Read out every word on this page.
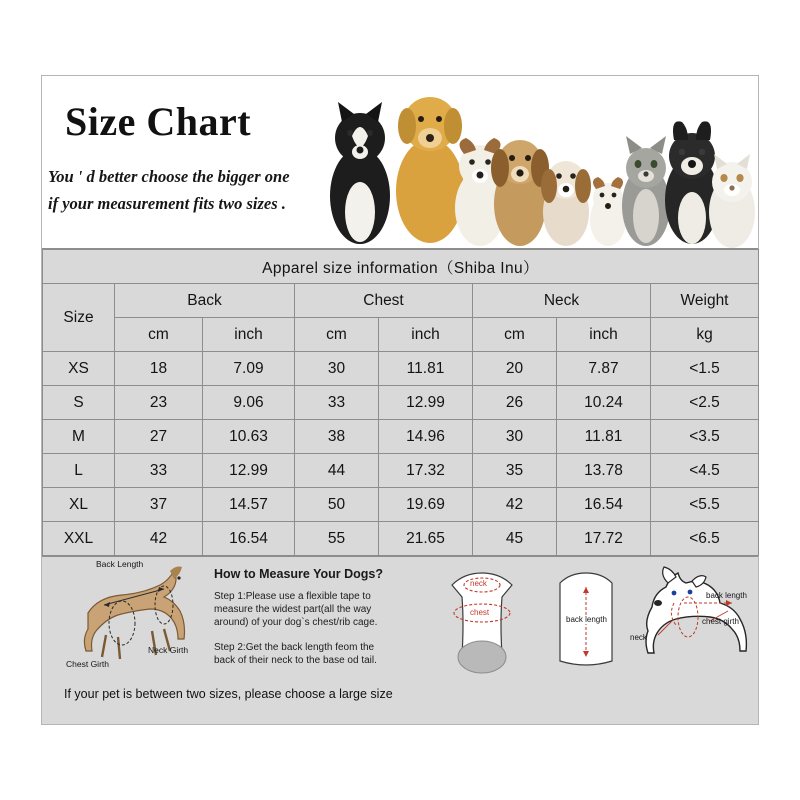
Size Chart
You ' d better choose the bigger one
if your measurement fits two sizes .
Apparel size information（Shiba Inu）							
Size	Back		Chest		Neck		Weight
	cm	inch	cm	inch	cm	inch	kg
XS	18	7.09	30	11.81	20	7.87	<1.5
S	23	9.06	33	12.99	26	10.24	<2.5
M	27	10.63	38	14.96	30	11.81	<3.5
L	33	12.99	44	17.32	35	13.78	<4.5
XL	37	14.57	50	19.69	42	16.54	<5.5
XXL	42	16.54	55	21.65	45	17.72	<6.5
Back Length
Neck Girth
Chest Girth
How to Measure Your Dogs?
Step 1:Please use a flexible tape to measure the widest part(all the way around) of your dog`s chest/rib cage.
Step 2:Get the back length feom the back of their neck to the base od tail.
neck
chest
back length
back length
neck
chest girth
If your pet is between two sizes, please choose a large size
